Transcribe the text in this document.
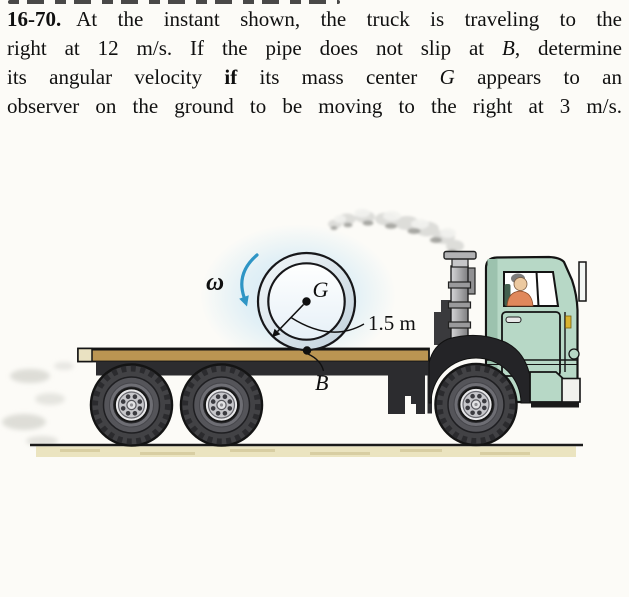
16-70. At the instant shown, the truck is traveling to the
right at 12 m/s. If the pipe does not slip at B, determine
its angular velocity if its mass center G appears to an
observer on the ground to be moving to the right at 3 m/s.
ω	G
1.5 m
B
